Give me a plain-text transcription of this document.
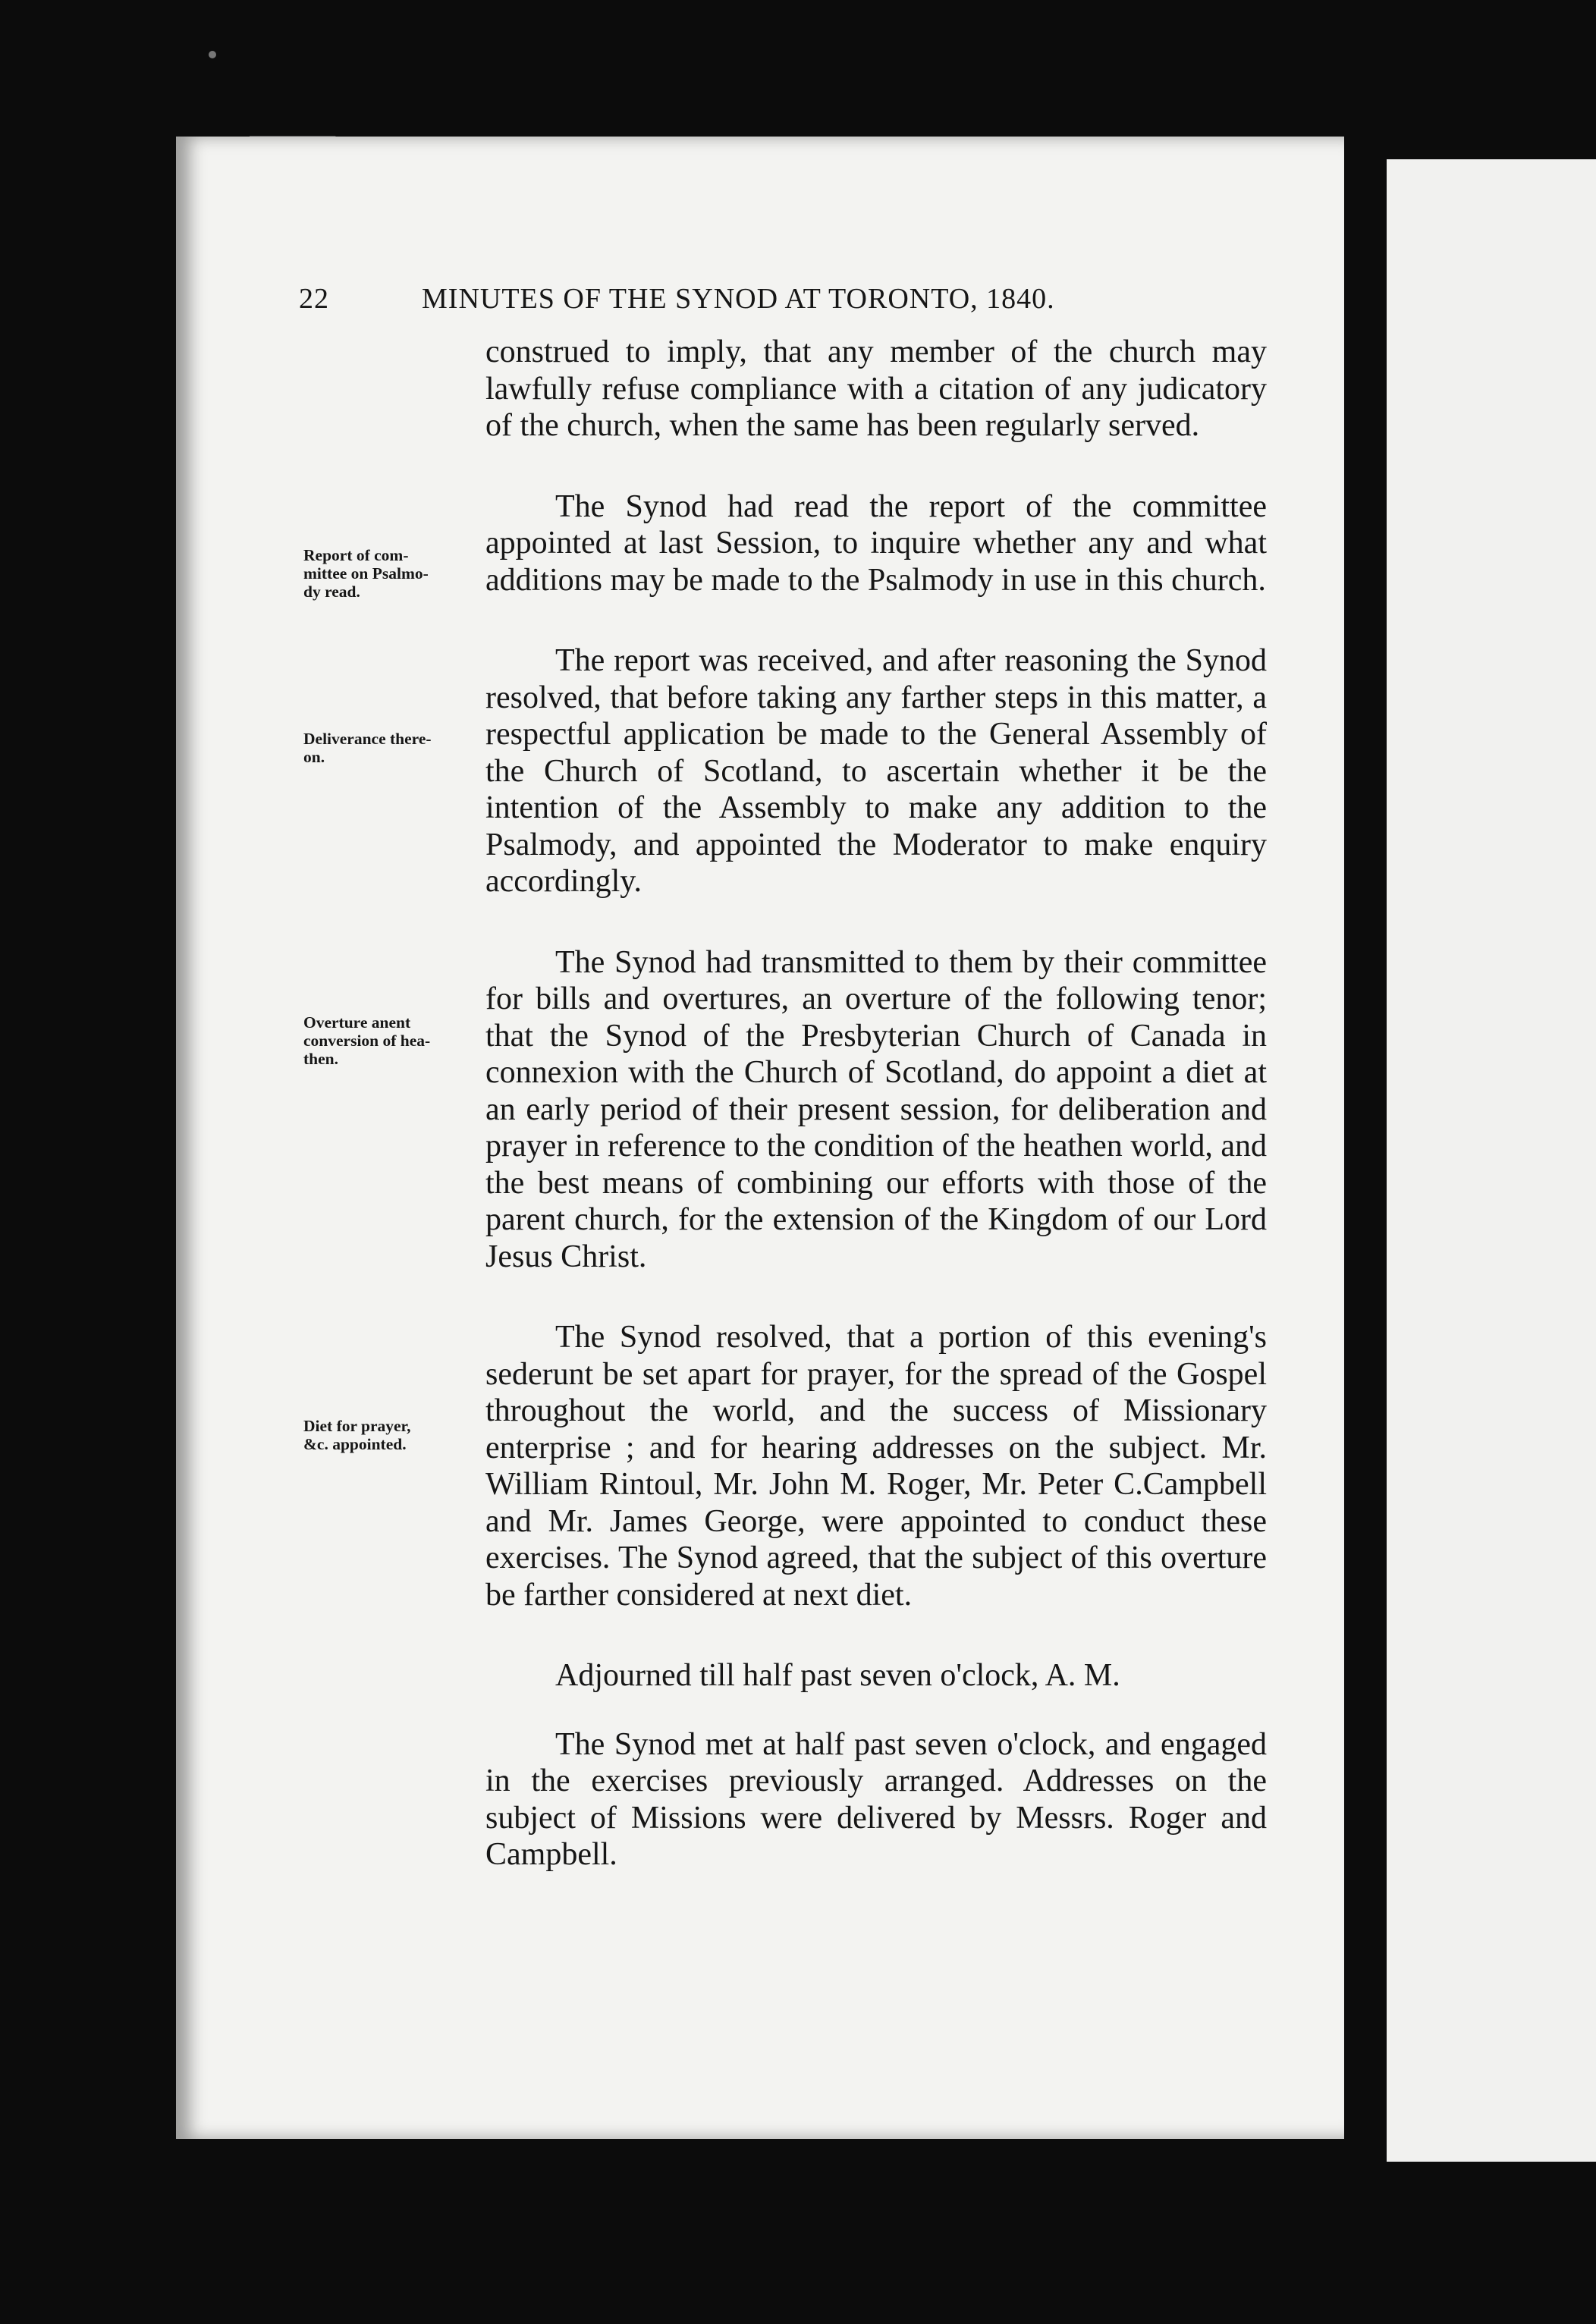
22	MINUTES OF THE SYNOD AT TORONTO, 1840.
Report of com-
mittee on Psalmo-
dy read.
Deliverance there-
on.
Overture anent
conversion of hea-
then.
Diet for prayer,
&c. appointed.

construed to imply, that any member of the church may lawfully refuse compliance with a citation of any judicatory of the church, when the same has been regularly served.

The Synod had read the report of the committee appointed at last Session, to inquire whether any and what additions may be made to the Psalmody in use in this church.

The report was received, and after reasoning the Synod resolved, that before taking any farther steps in this matter, a respectful application be made to the General Assembly of the Church of Scotland, to ascertain whether it be the intention of the Assembly to make any addition to the Psalmody, and appointed the Moderator to make enquiry accordingly.

The Synod had transmitted to them by their committee for bills and overtures, an overture of the following tenor; that the Synod of the Presbyterian Church of Canada in connexion with the Church of Scotland, do appoint a diet at an early period of their present session, for deliberation and prayer in reference to the condition of the heathen world, and the best means of combining our efforts with those of the parent church, for the extension of the Kingdom of our Lord Jesus Christ.

The Synod resolved, that a portion of this evening's sederunt be set apart for prayer, for the spread of the Gospel throughout the world, and the success of Missionary enterprise ; and for hearing addresses on the subject. Mr. William Rintoul, Mr. John M. Roger, Mr. Peter C.Campbell and Mr. James George, were appointed to conduct these exercises. The Synod agreed, that the subject of this overture be farther considered at next diet.

Adjourned till half past seven o'clock, A. M.

The Synod met at half past seven o'clock, and engaged in the exercises previously arranged. Addresses on the subject of Missions were delivered by Messrs. Roger and Campbell.
